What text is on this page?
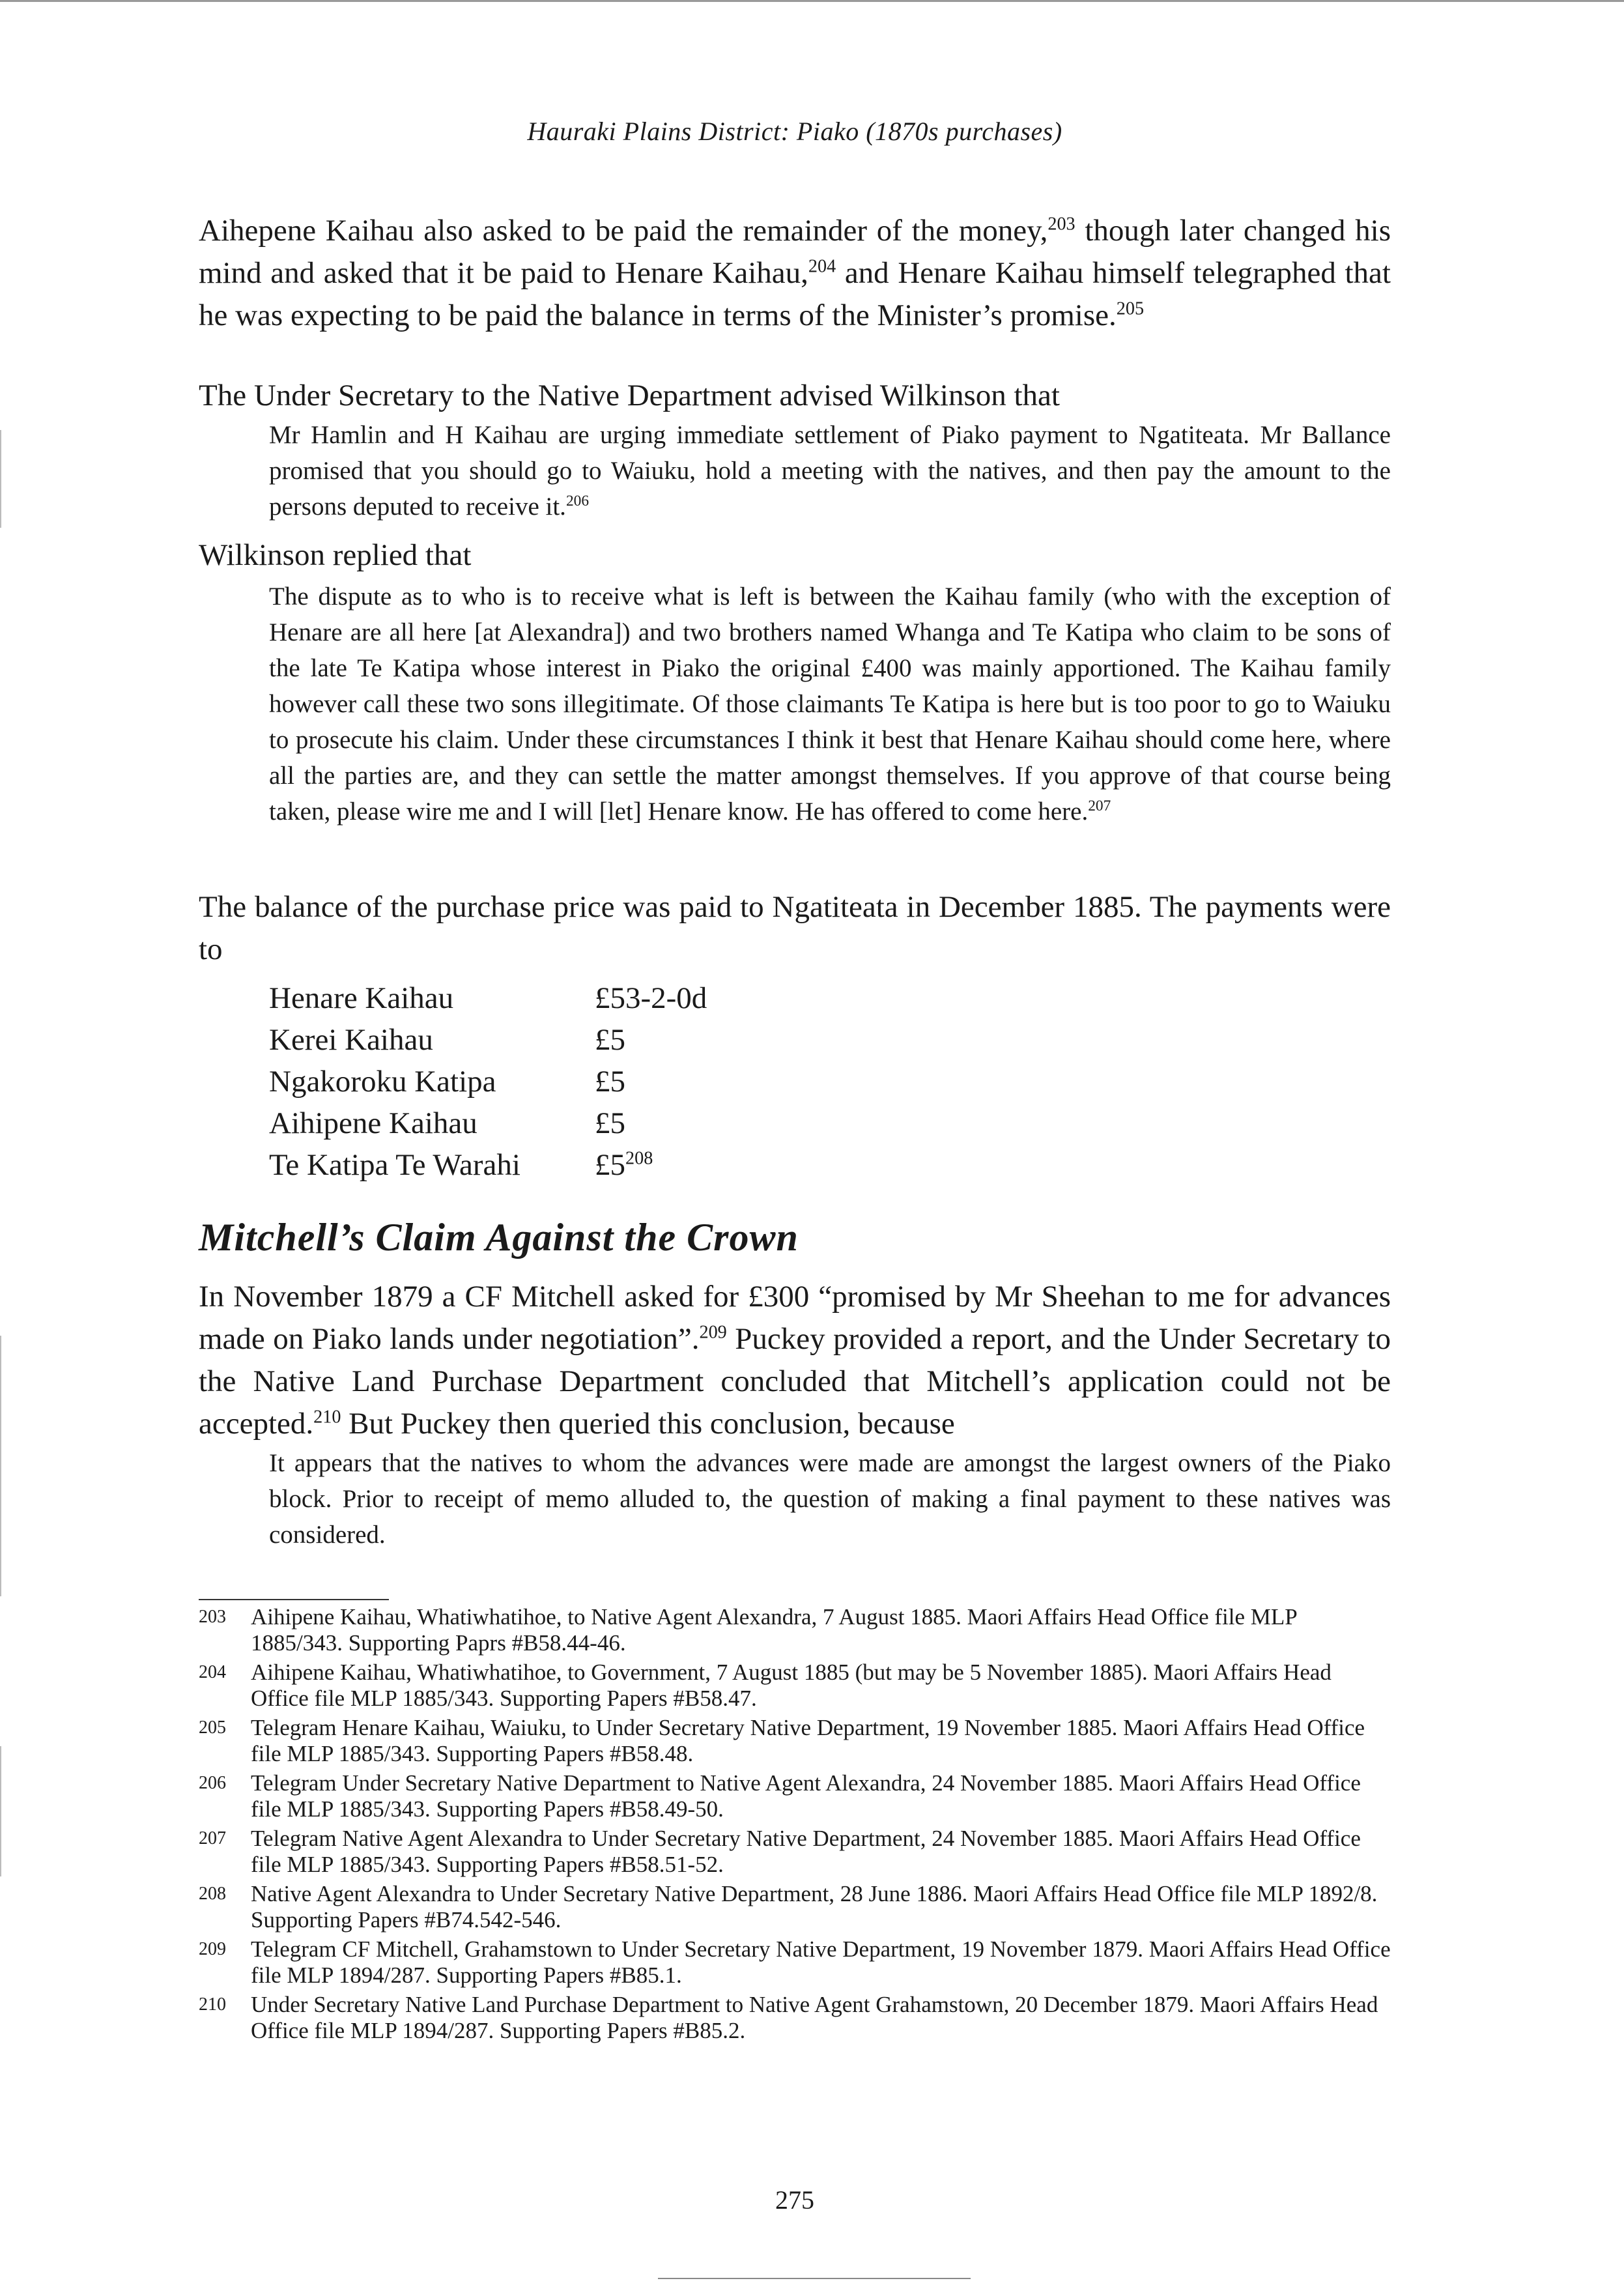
Hauraki Plains District: Piako (1870s purchases)

Aihepene Kaihau also asked to be paid the remainder of the money,$^{203}$ though later changed his mind and asked that it be paid to Henare Kaihau,$^{204}$ and Henare Kaihau himself telegraphed that he was expecting to be paid the balance in terms of the Minister’s promise.$^{205}$

The Under Secretary to the Native Department advised Wilkinson that

Mr Hamlin and H Kaihau are urging immediate settlement of Piako payment to Ngatiteata. Mr Ballance promised that you should go to Waiuku, hold a meeting with the natives, and then pay the amount to the persons deputed to receive it.$^{206}$

Wilkinson replied that

The dispute as to who is to receive what is left is between the Kaihau family (who with the exception of Henare are all here [at Alexandra]) and two brothers named Whanga and Te Katipa who claim to be sons of the late Te Katipa whose interest in Piako the original £400 was mainly apportioned. The Kaihau family however call these two sons illegitimate. Of those claimants Te Katipa is here but is too poor to go to Waiuku to prosecute his claim. Under these circumstances I think it best that Henare Kaihau should come here, where all the parties are, and they can settle the matter amongst themselves. If you approve of that course being taken, please wire me and I will [let] Henare know. He has offered to come here.$^{207}$

The balance of the purchase price was paid to Ngatiteata in December 1885. The payments were to

Henare Kaihau	£53-2-0d
Kerei Kaihau	£5
Ngakoroku Katipa	£5
Aihipene Kaihau	£5
Te Katipa Te Warahi	$£5^{208}$
Mitchell’s Claim Against the Crown

In November 1879 a CF Mitchell asked for £300 “promised by Mr Sheehan to me for advances made on Piako lands under negotiation”.$^{209}$ Puckey provided a report, and the Under Secretary to the Native Land Purchase Department concluded that Mitchell’s application could not be accepted.$^{210}$ But Puckey then queried this conclusion, because

It appears that the natives to whom the advances were made are amongst the largest owners of the Piako block. Prior to receipt of memo alluded to, the question of making a final payment to these natives was considered.

203	Aihipene Kaihau, Whatiwhatihoe, to Native Agent Alexandra, 7 August 1885. Maori Affairs Head Office file MLP 1885/343. Supporting Paprs #B58.44-46.
204	Aihipene Kaihau, Whatiwhatihoe, to Government, 7 August 1885 (but may be 5 November 1885). Maori Affairs Head Office file MLP 1885/343. Supporting Papers #B58.47.
205	Telegram Henare Kaihau, Waiuku, to Under Secretary Native Department, 19 November 1885. Maori Affairs Head Office file MLP 1885/343. Supporting Papers #B58.48.
206	Telegram Under Secretary Native Department to Native Agent Alexandra, 24 November 1885. Maori Affairs Head Office file MLP 1885/343. Supporting Papers #B58.49-50.
207	Telegram Native Agent Alexandra to Under Secretary Native Department, 24 November 1885. Maori Affairs Head Office file MLP 1885/343. Supporting Papers #B58.51-52.
208	Native Agent Alexandra to Under Secretary Native Department, 28 June 1886. Maori Affairs Head Office file MLP 1892/8. Supporting Papers #B74.542-546.
209	Telegram CF Mitchell, Grahamstown to Under Secretary Native Department, 19 November 1879. Maori Affairs Head Office file MLP 1894/287. Supporting Papers #B85.1.
210	Under Secretary Native Land Purchase Department to Native Agent Grahamstown, 20 December 1879. Maori Affairs Head Office file MLP 1894/287. Supporting Papers #B85.2.
275
